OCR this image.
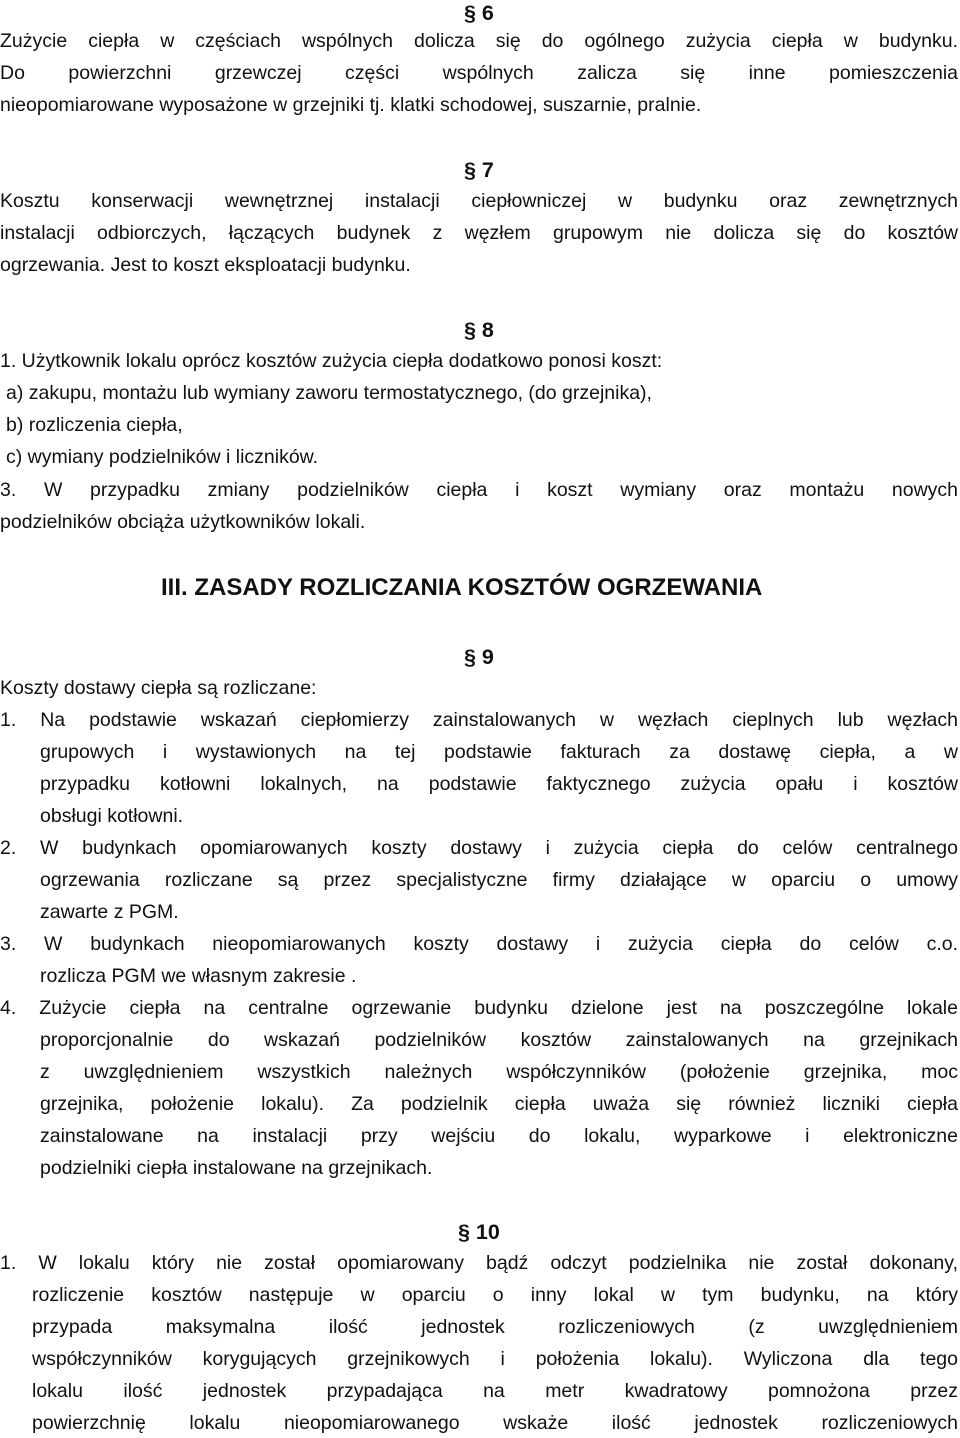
§ 6
Zużycie ciepła w częściach wspólnych dolicza się do ogólnego zużycia ciepła w budynku.
Do powierzchni grzewczej części wspólnych zalicza się inne pomieszczenia
nieopomiarowane wyposażone w grzejniki tj. klatki schodowej, suszarnie, pralnie.
§ 7
Kosztu konserwacji wewnętrznej instalacji ciepłowniczej w budynku oraz zewnętrznych
instalacji odbiorczych, łączących budynek z węzłem grupowym nie dolicza się do kosztów
ogrzewania. Jest to koszt eksploatacji budynku.
§ 8
1. Użytkownik lokalu oprócz kosztów zużycia ciepła dodatkowo ponosi koszt:
a) zakupu, montażu lub wymiany zaworu termostatycznego, (do grzejnika),
b) rozliczenia ciepła,
c) wymiany podzielników i liczników.
3. W przypadku zmiany podzielników ciepła i koszt wymiany oraz montażu nowych
podzielników obciąża użytkowników lokali.
III. ZASADY ROZLICZANIA KOSZTÓW OGRZEWANIA
§ 9
Koszty dostawy ciepła są rozliczane:
1. Na podstawie wskazań ciepłomierzy zainstalowanych w węzłach cieplnych lub węzłach
grupowych i wystawionych na tej podstawie fakturach za dostawę ciepła, a w
przypadku kotłowni lokalnych, na podstawie faktycznego zużycia opału i kosztów
obsługi kotłowni.
2. W budynkach opomiarowanych koszty dostawy i zużycia ciepła do celów centralnego
ogrzewania rozliczane są przez specjalistyczne firmy działające w oparciu o umowy
zawarte z PGM.
3. W budynkach nieopomiarowanych koszty dostawy i zużycia ciepła do celów c.o.
rozlicza PGM we własnym zakresie .
4. Zużycie ciepła na centralne ogrzewanie budynku dzielone jest na poszczególne lokale
proporcjonalnie do wskazań podzielników kosztów zainstalowanych na grzejnikach
z uwzględnieniem wszystkich należnych współczynników (położenie grzejnika, moc
grzejnika, położenie lokalu). Za podzielnik ciepła uważa się również liczniki ciepła
zainstalowane na instalacji przy wejściu do lokalu, wyparkowe i elektroniczne
podzielniki ciepła instalowane na grzejnikach.
§ 10
1. W lokalu który nie został opomiarowany bądź odczyt podzielnika nie został dokonany,
rozliczenie kosztów następuje w oparciu o inny lokal w tym budynku, na który
przypada maksymalna ilość jednostek rozliczeniowych (z uwzględnieniem
współczynników korygujących grzejnikowych i położenia lokalu). Wyliczona dla tego
lokalu ilość jednostek przypadająca na metr kwadratowy pomnożona przez
powierzchnię lokalu nieopomiarowanego wskaże ilość jednostek rozliczeniowych
